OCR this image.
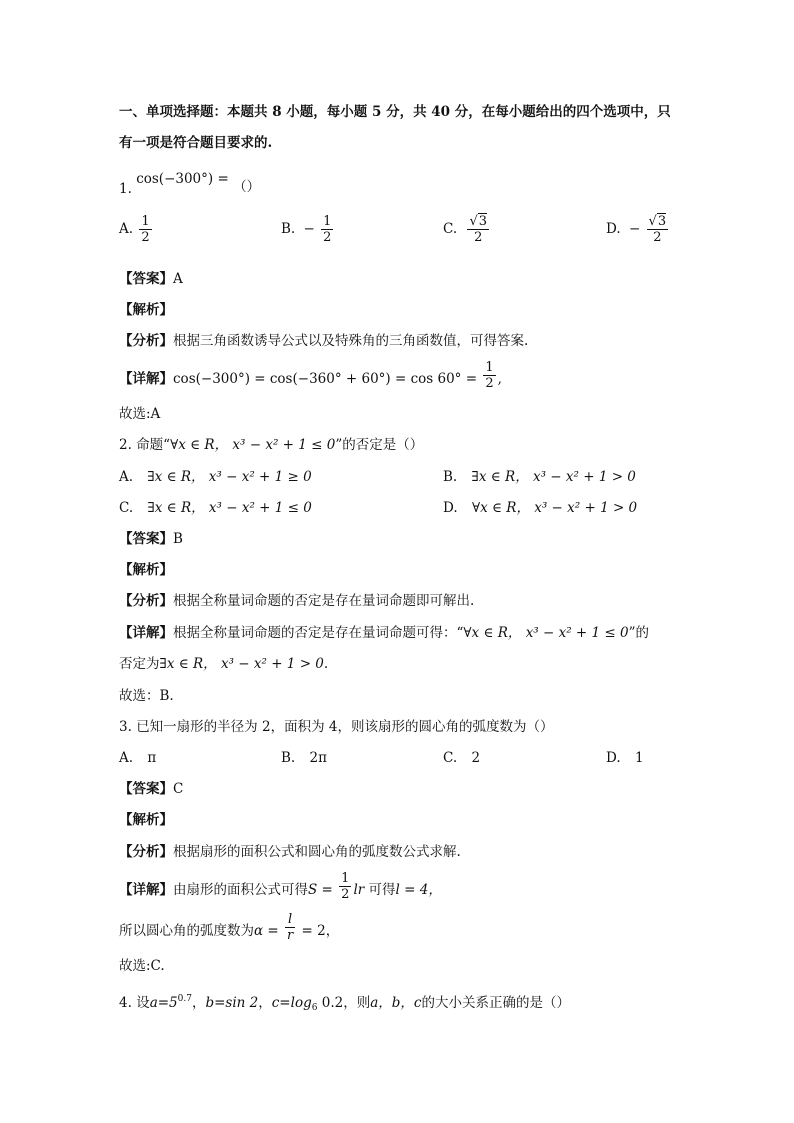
一、单项选择题：本题共 8 小题，每小题 5 分，共 40 分，在每小题给出的四个选项中，只
有一项是符合题目要求的.
1. cos(−300°) = （）
A. $\frac{1}{2}$	B. − $\frac{1}{2}$	C. $\frac{√3}{2}$	D. − $\frac{√3}{2}$
【答案】A
【解析】
【分析】根据三角函数诱导公式以及特殊角的三角函数值，可得答案.
【详解】$\cos(-300^\circ) = \cos(-360^\circ + 60^\circ) = \cos 60^\circ = \frac{1}{2}$ ,
故选:A
2. 命题“∀x ∈ R， x³ − x² + 1 ≤ 0”的否定是（）
A. ∃x ∈ R， x³ − x² + 1 ≥ 0	B. ∃x ∈ R， x³ − x² + 1 > 0
C. ∃x ∈ R， x³ − x² + 1 ≤ 0	D. ∀x ∈ R， x³ − x² + 1 > 0
【答案】B
【解析】
【分析】根据全称量词命题的否定是存在量词命题即可解出.
【详解】根据全称量词命题的否定是存在量词命题可得：“∀x ∈ R， x³ − x² + 1 ≤ 0”的
否定为∃x ∈ R， x³ − x² + 1 > 0.
故选：B.
3. 已知一扇形的半径为 2，面积为 4，则该扇形的圆心角的弧度数为（）
A. π	B. 2π	C. 2	D. 1
【答案】C
【解析】
【分析】根据扇形的面积公式和圆心角的弧度数公式求解.
【详解】由扇形的面积公式可得$S = \frac{1}{2}$ lr 可得l = 4，
所以圆心角的弧度数为$\alpha = \frac{l}{r} = 2$，
故选:C.
4. 设$a=5^{0.7}$，b=sin 2，$c=\log_6$ 0.2，则a，b，c的大小关系正确的是（）
